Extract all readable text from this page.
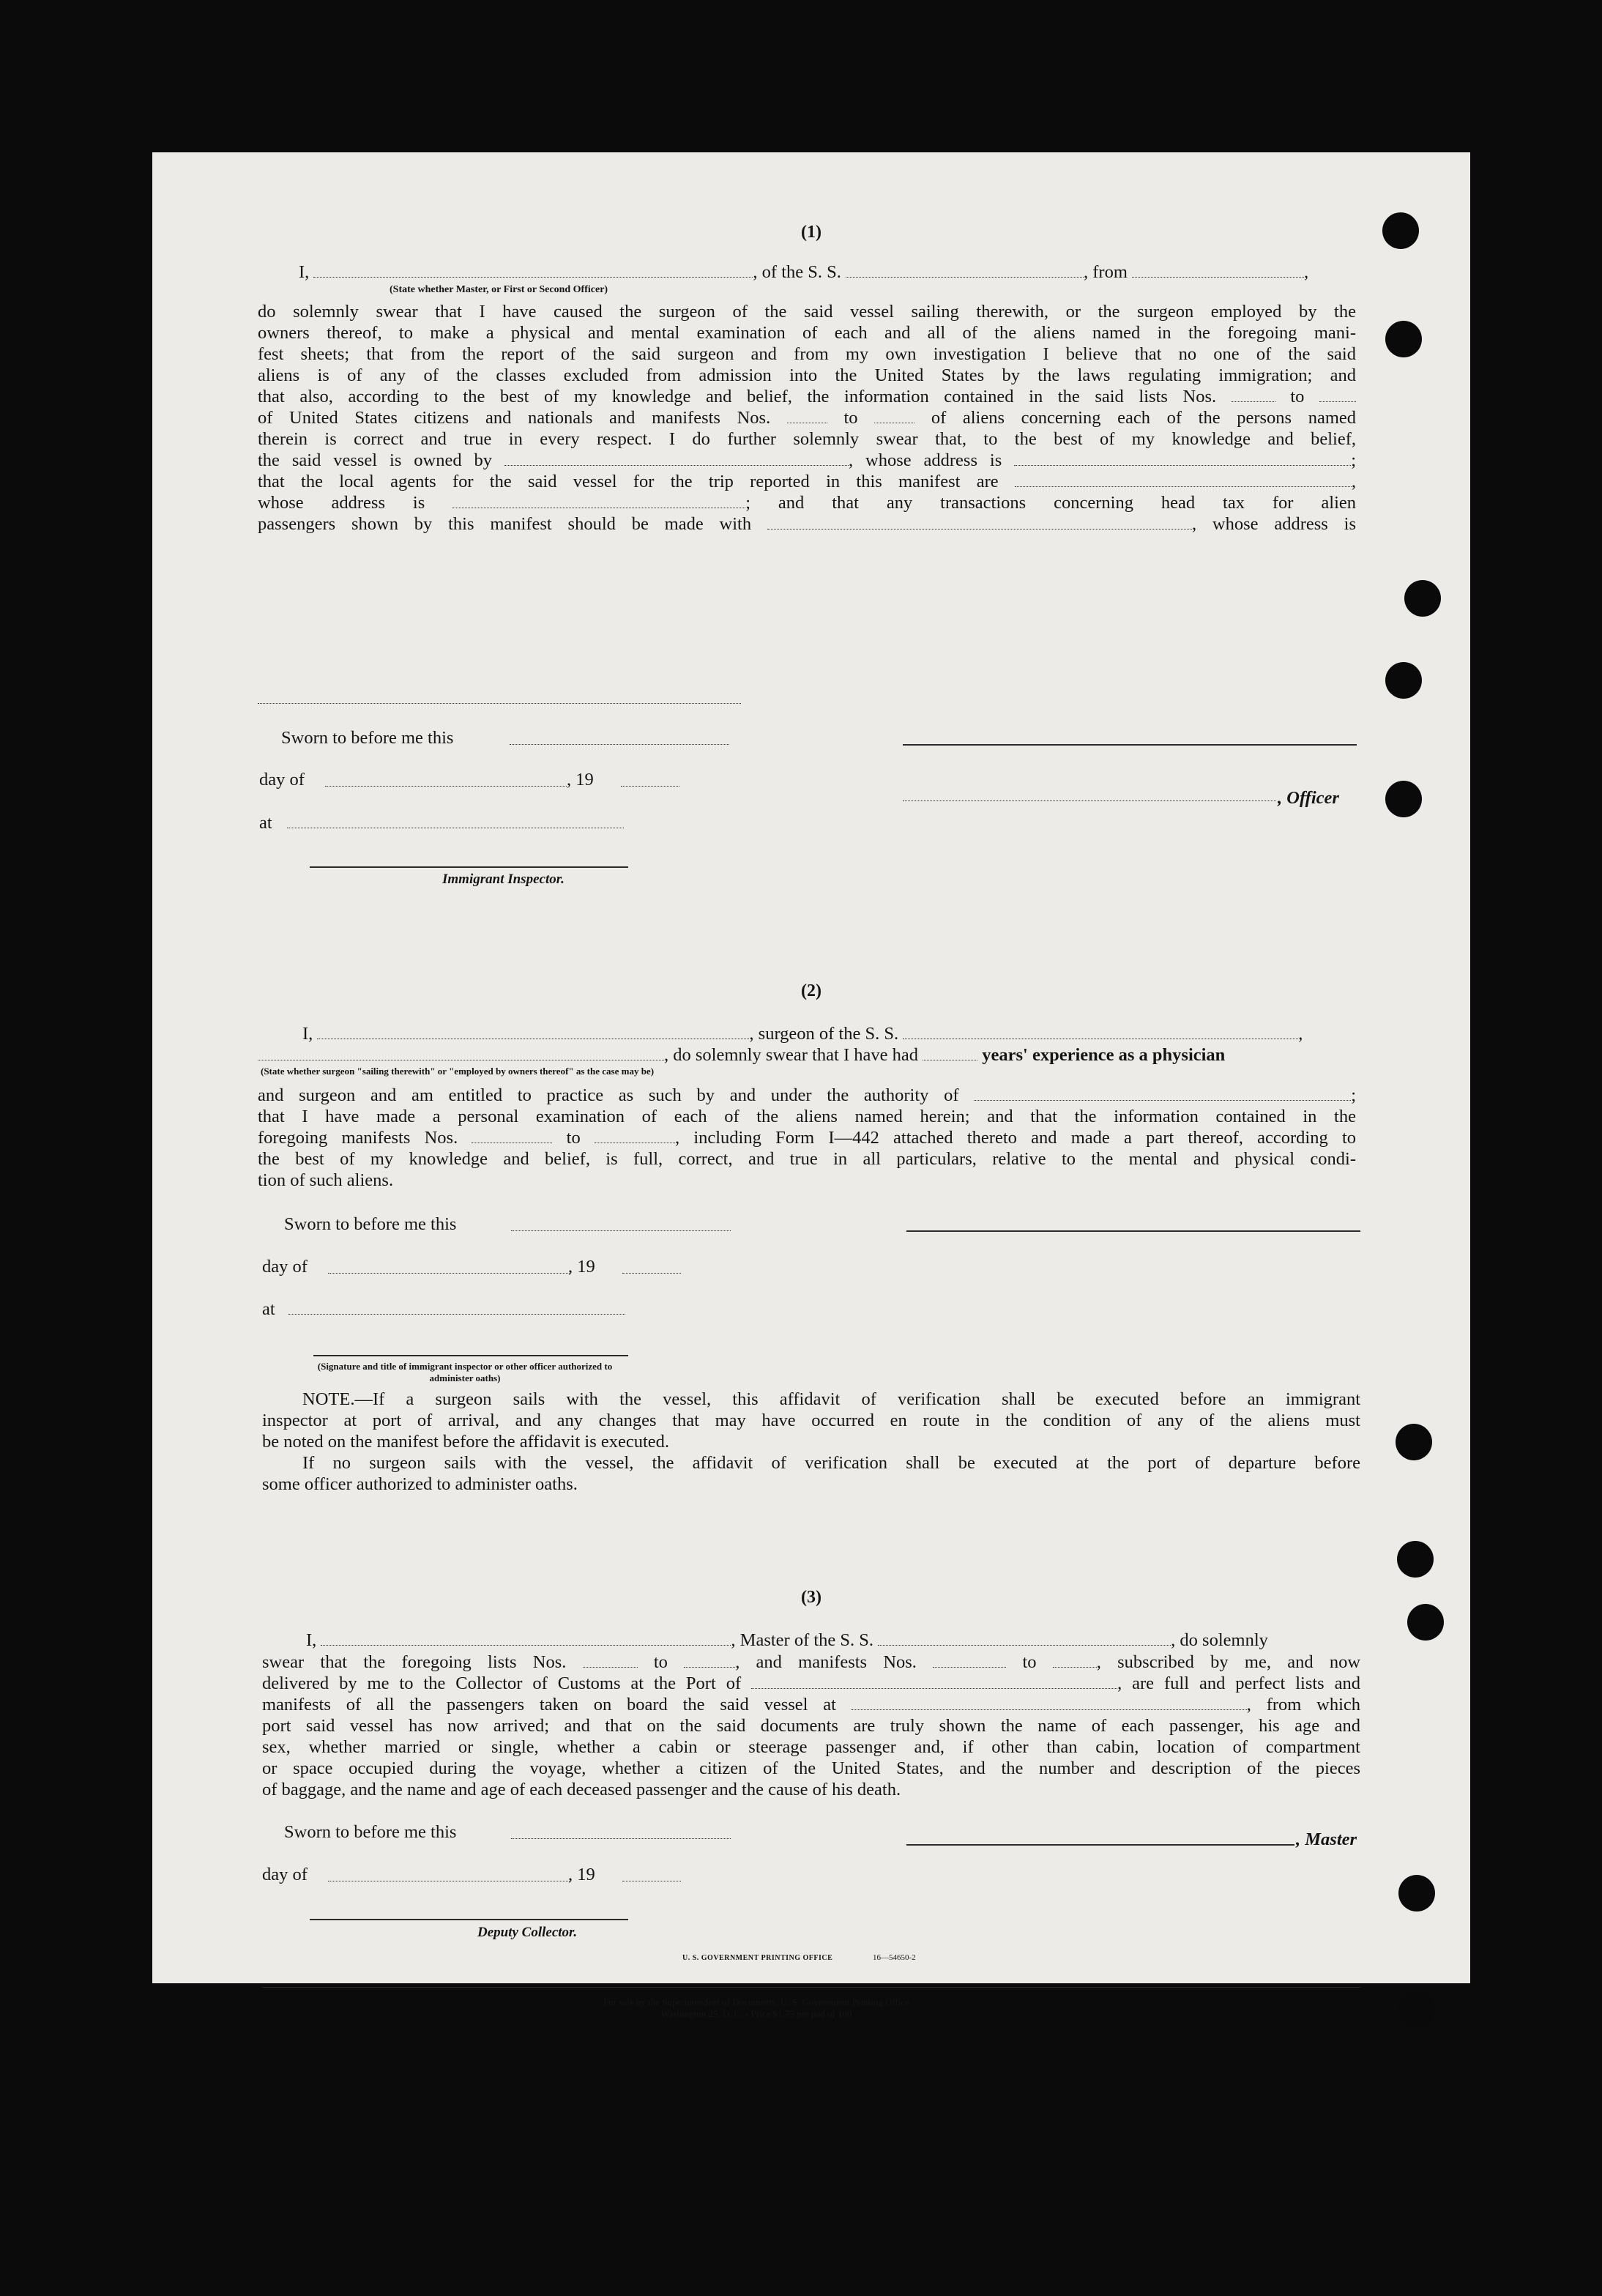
(1)
I,	, of the S. S.	, from	,
(State whether Master, or First or Second Officer)
do solemnly swear that I have caused the surgeon of the said vessel sailing therewith, or the surgeon employed by the
owners thereof, to make a physical and mental examination of each and all of the aliens named in the foregoing mani-
fest sheets; that from the report of the said surgeon and from my own investigation I believe that no one of the said
aliens is of any of the classes excluded from admission into the United States by the laws regulating immigration; and
that also, according to the best of my knowledge and belief, the information contained in the said lists Nos.	to
of United States citizens and nationals and manifests Nos.	to	of aliens concerning each of the persons named
therein is correct and true in every respect. I do further solemnly swear that, to the best of my knowledge and belief,
the said vessel is owned by	, whose address is	;
that the local agents for the said vessel for the trip reported in this manifest are	,
whose address is	; and that any transactions concerning head tax for alien
passengers shown by this manifest should be made with	, whose address is
Sworn to before me this
day of	, 19
, Officer
at
Immigrant Inspector.
(2)
I,	, surgeon of the S. S.	,
, do solemnly swear that I have had	years' experience as a physician
(State whether surgeon "sailing therewith" or "employed by owners thereof" as the case may be)
and surgeon and am entitled to practice as such by and under the authority of	;
that I have made a personal examination of each of the aliens named herein; and that the information contained in the
foregoing manifests Nos.	to	, including Form I—442 attached thereto and made a part thereof, according to
the best of my knowledge and belief, is full, correct, and true in all particulars, relative to the mental and physical condi-
tion of such aliens.
Sworn to before me this
day of	, 19
at
(Signature and title of immigrant inspector or other officer authorized to administer oaths)
NOTE.—If a surgeon sails with the vessel, this affidavit of verification shall be executed before an immigrant
inspector at port of arrival, and any changes that may have occurred en route in the condition of any of the aliens must
be noted on the manifest before the affidavit is executed.
If no surgeon sails with the vessel, the affidavit of verification shall be executed at the port of departure before
some officer authorized to administer oaths.
(3)
I,	, Master of the S. S.	, do solemnly
swear that the foregoing lists Nos.	to	, and manifests Nos.	to	, subscribed by me, and now
delivered by me to the Collector of Customs at the Port of	, are full and perfect lists and
manifests of all the passengers taken on board the said vessel at	, from which
port said vessel has now arrived; and that on the said documents are truly shown the name of each passenger, his age and
sex, whether married or single, whether a cabin or steerage passenger and, if other than cabin, location of compartment
or space occupied during the voyage, whether a citizen of the United States, and the number and description of the pieces
of baggage, and the name and age of each deceased passenger and the cause of his death.
Sworn to before me this	, Master
day of	, 19
Deputy Collector.
U. S. GOVERNMENT PRINTING OFFICE	16—54650-2
For sale by the Superintendent of Documents, U. S. Government Printing Office
Washington 25, D. C. - Price $1.75 per pad of 100
